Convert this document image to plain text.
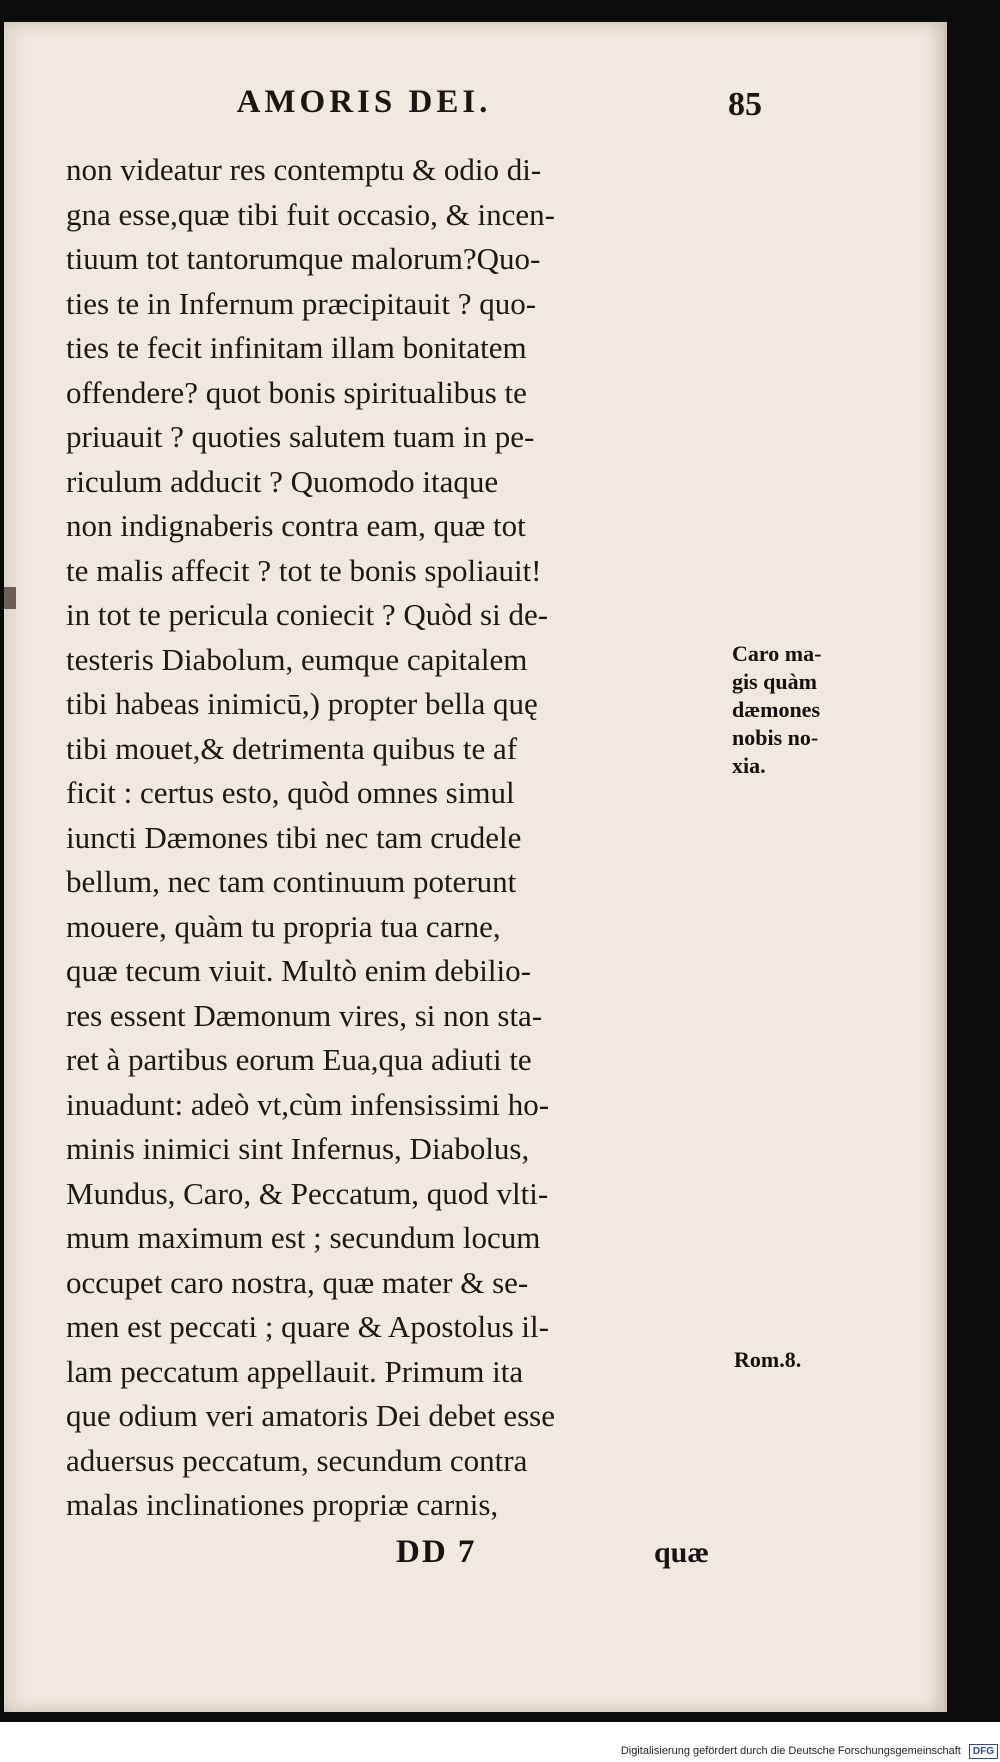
AMORIS DEI.	85
non videatur res contemptu & odio di-
gna esse,quæ tibi fuit occasio, & incen-
tiuum tot tantorumque malorum?Quo-
ties te in Infernum præcipitauit ? quo-
ties te fecit infinitam illam bonitatem
offendere? quot bonis spiritualibus te
priuauit ? quoties salutem tuam in pe-
riculum adducit ? Quomodo itaque
non indignaberis contra eam, quæ tot
te malis affecit ? tot te bonis spoliauit!
in tot te pericula coniecit ? Quòd si de-
testeris Diabolum, eumque capitalem
tibi habeas inimicū,) propter bella quę
tibi mouet,& detrimenta quibus te af
ficit : certus esto, quòd omnes simul
iuncti Dæmones tibi nec tam crudele
bellum, nec tam continuum poterunt
mouere, quàm tu propria tua carne,
quæ tecum viuit. Multò enim debilio-
res essent Dæmonum vires, si non sta-
ret à partibus eorum Eua,qua adiuti te
inuadunt: adeò vt,cùm infensissimi ho-
minis inimici sint Infernus, Diabolus,
Mundus, Caro, & Peccatum, quod vlti-
mum maximum est ; secundum locum
occupet caro nostra, quæ mater & se-
men est peccati ; quare & Apostolus il-
lam peccatum appellauit. Primum ita
que odium veri amatoris Dei debet esse
aduersus peccatum, secundum contra
malas inclinationes propriæ carnis,
Caro ma-
gis quàm
dæmones
nobis no-
xia.
Rom.8.
DD 7	quæ
Digitalisierung gefördert durch die Deutsche Forschungsgemeinschaft DFG
